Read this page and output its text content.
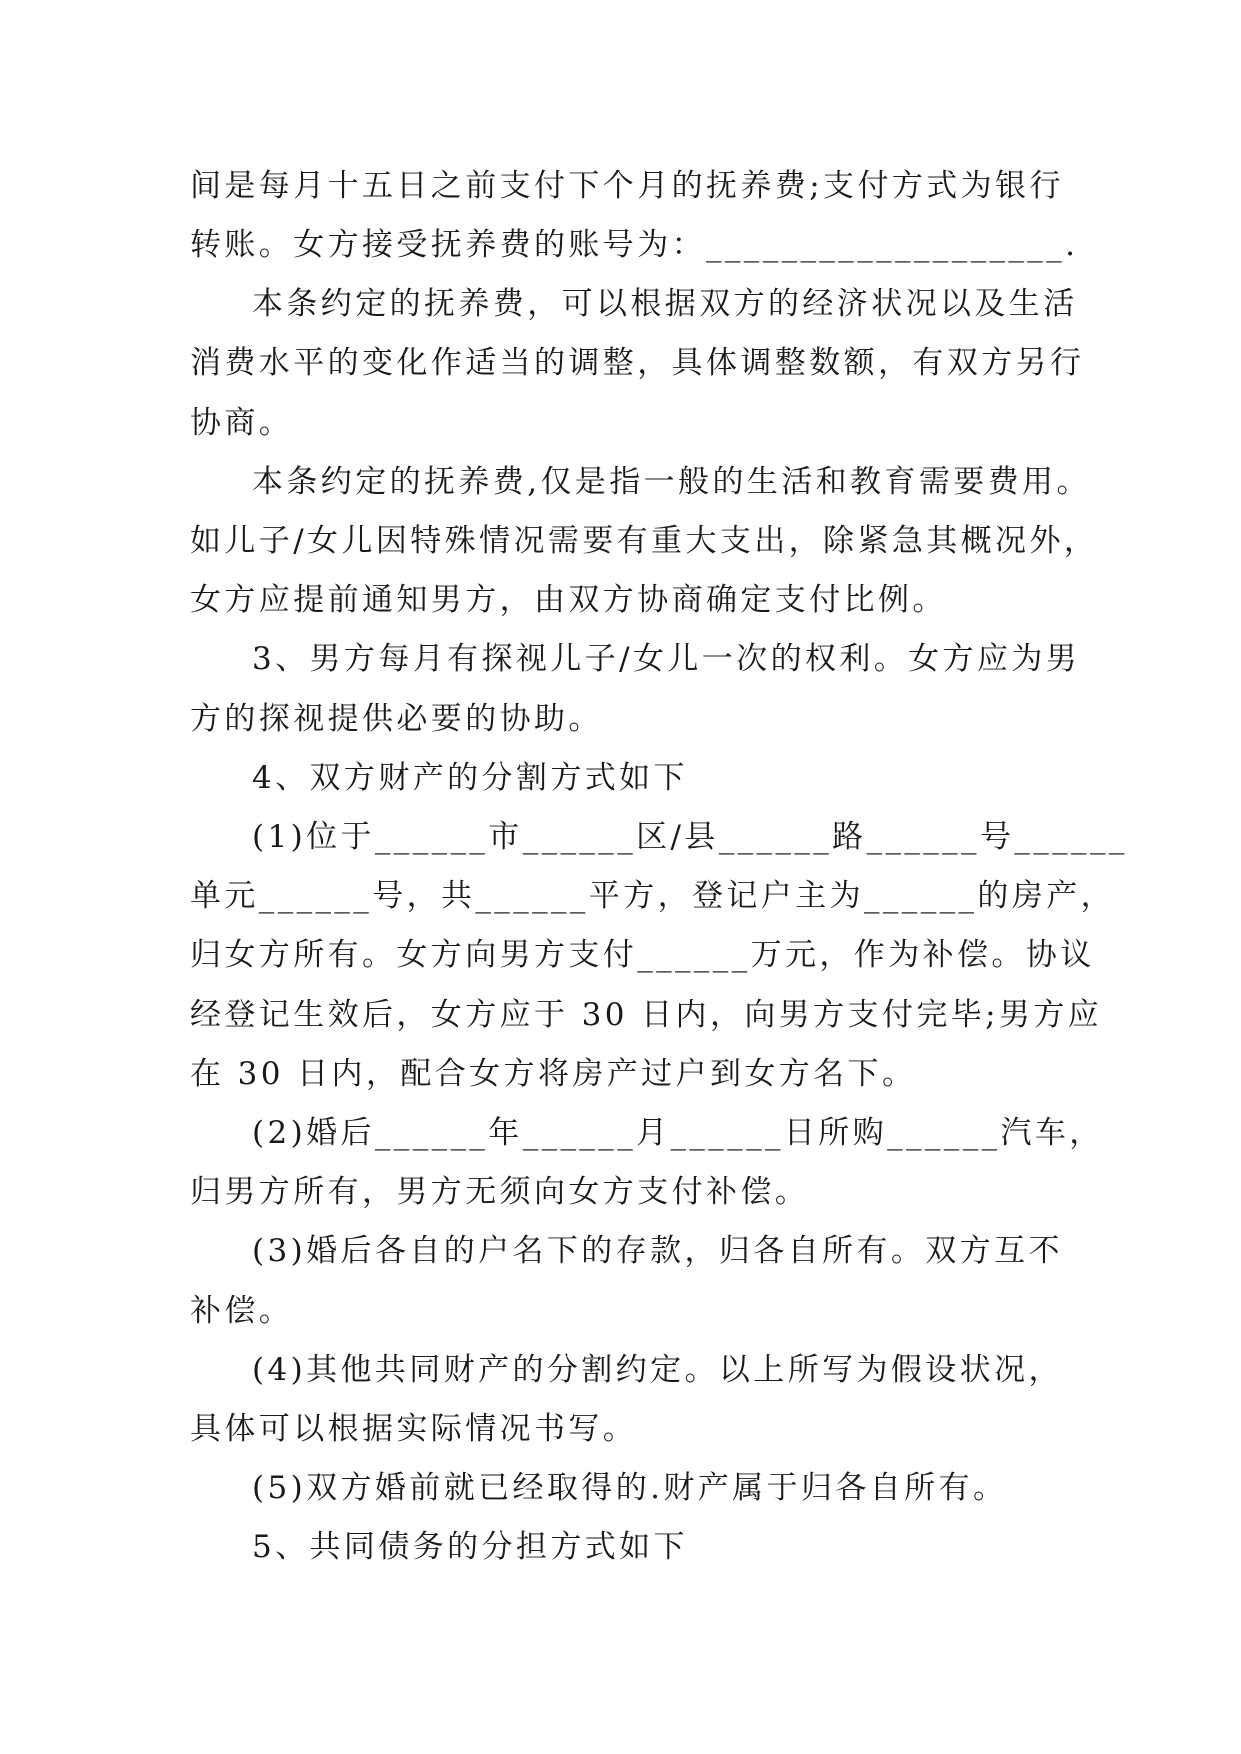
间是每月十五日之前支付下个月的抚养费;支付方式为银行
转账。女方接受抚养费的账号为：___________________.
本条约定的抚养费，可以根据双方的经济状况以及生活
消费水平的变化作适当的调整，具体调整数额，有双方另行
协商。
本条约定的抚养费,仅是指一般的生活和教育需要费用。
如儿子/女儿因特殊情况需要有重大支出，除紧急其概况外，
女方应提前通知男方，由双方协商确定支付比例。
3、男方每月有探视儿子/女儿一次的权利。女方应为男
方的探视提供必要的协助。
4、双方财产的分割方式如下
(1)位于______市______区/县______路______号______
单元______号，共______平方，登记户主为______的房产，
归女方所有。女方向男方支付______万元，作为补偿。协议
经登记生效后，女方应于 30 日内，向男方支付完毕;男方应
在 30 日内，配合女方将房产过户到女方名下。
(2)婚后______年______月______日所购______汽车，
归男方所有，男方无须向女方支付补偿。
(3)婚后各自的户名下的存款，归各自所有。双方互不
补偿。
(4)其他共同财产的分割约定。以上所写为假设状况，
具体可以根据实际情况书写。
(5)双方婚前就已经取得的.财产属于归各自所有。
5、共同债务的分担方式如下
